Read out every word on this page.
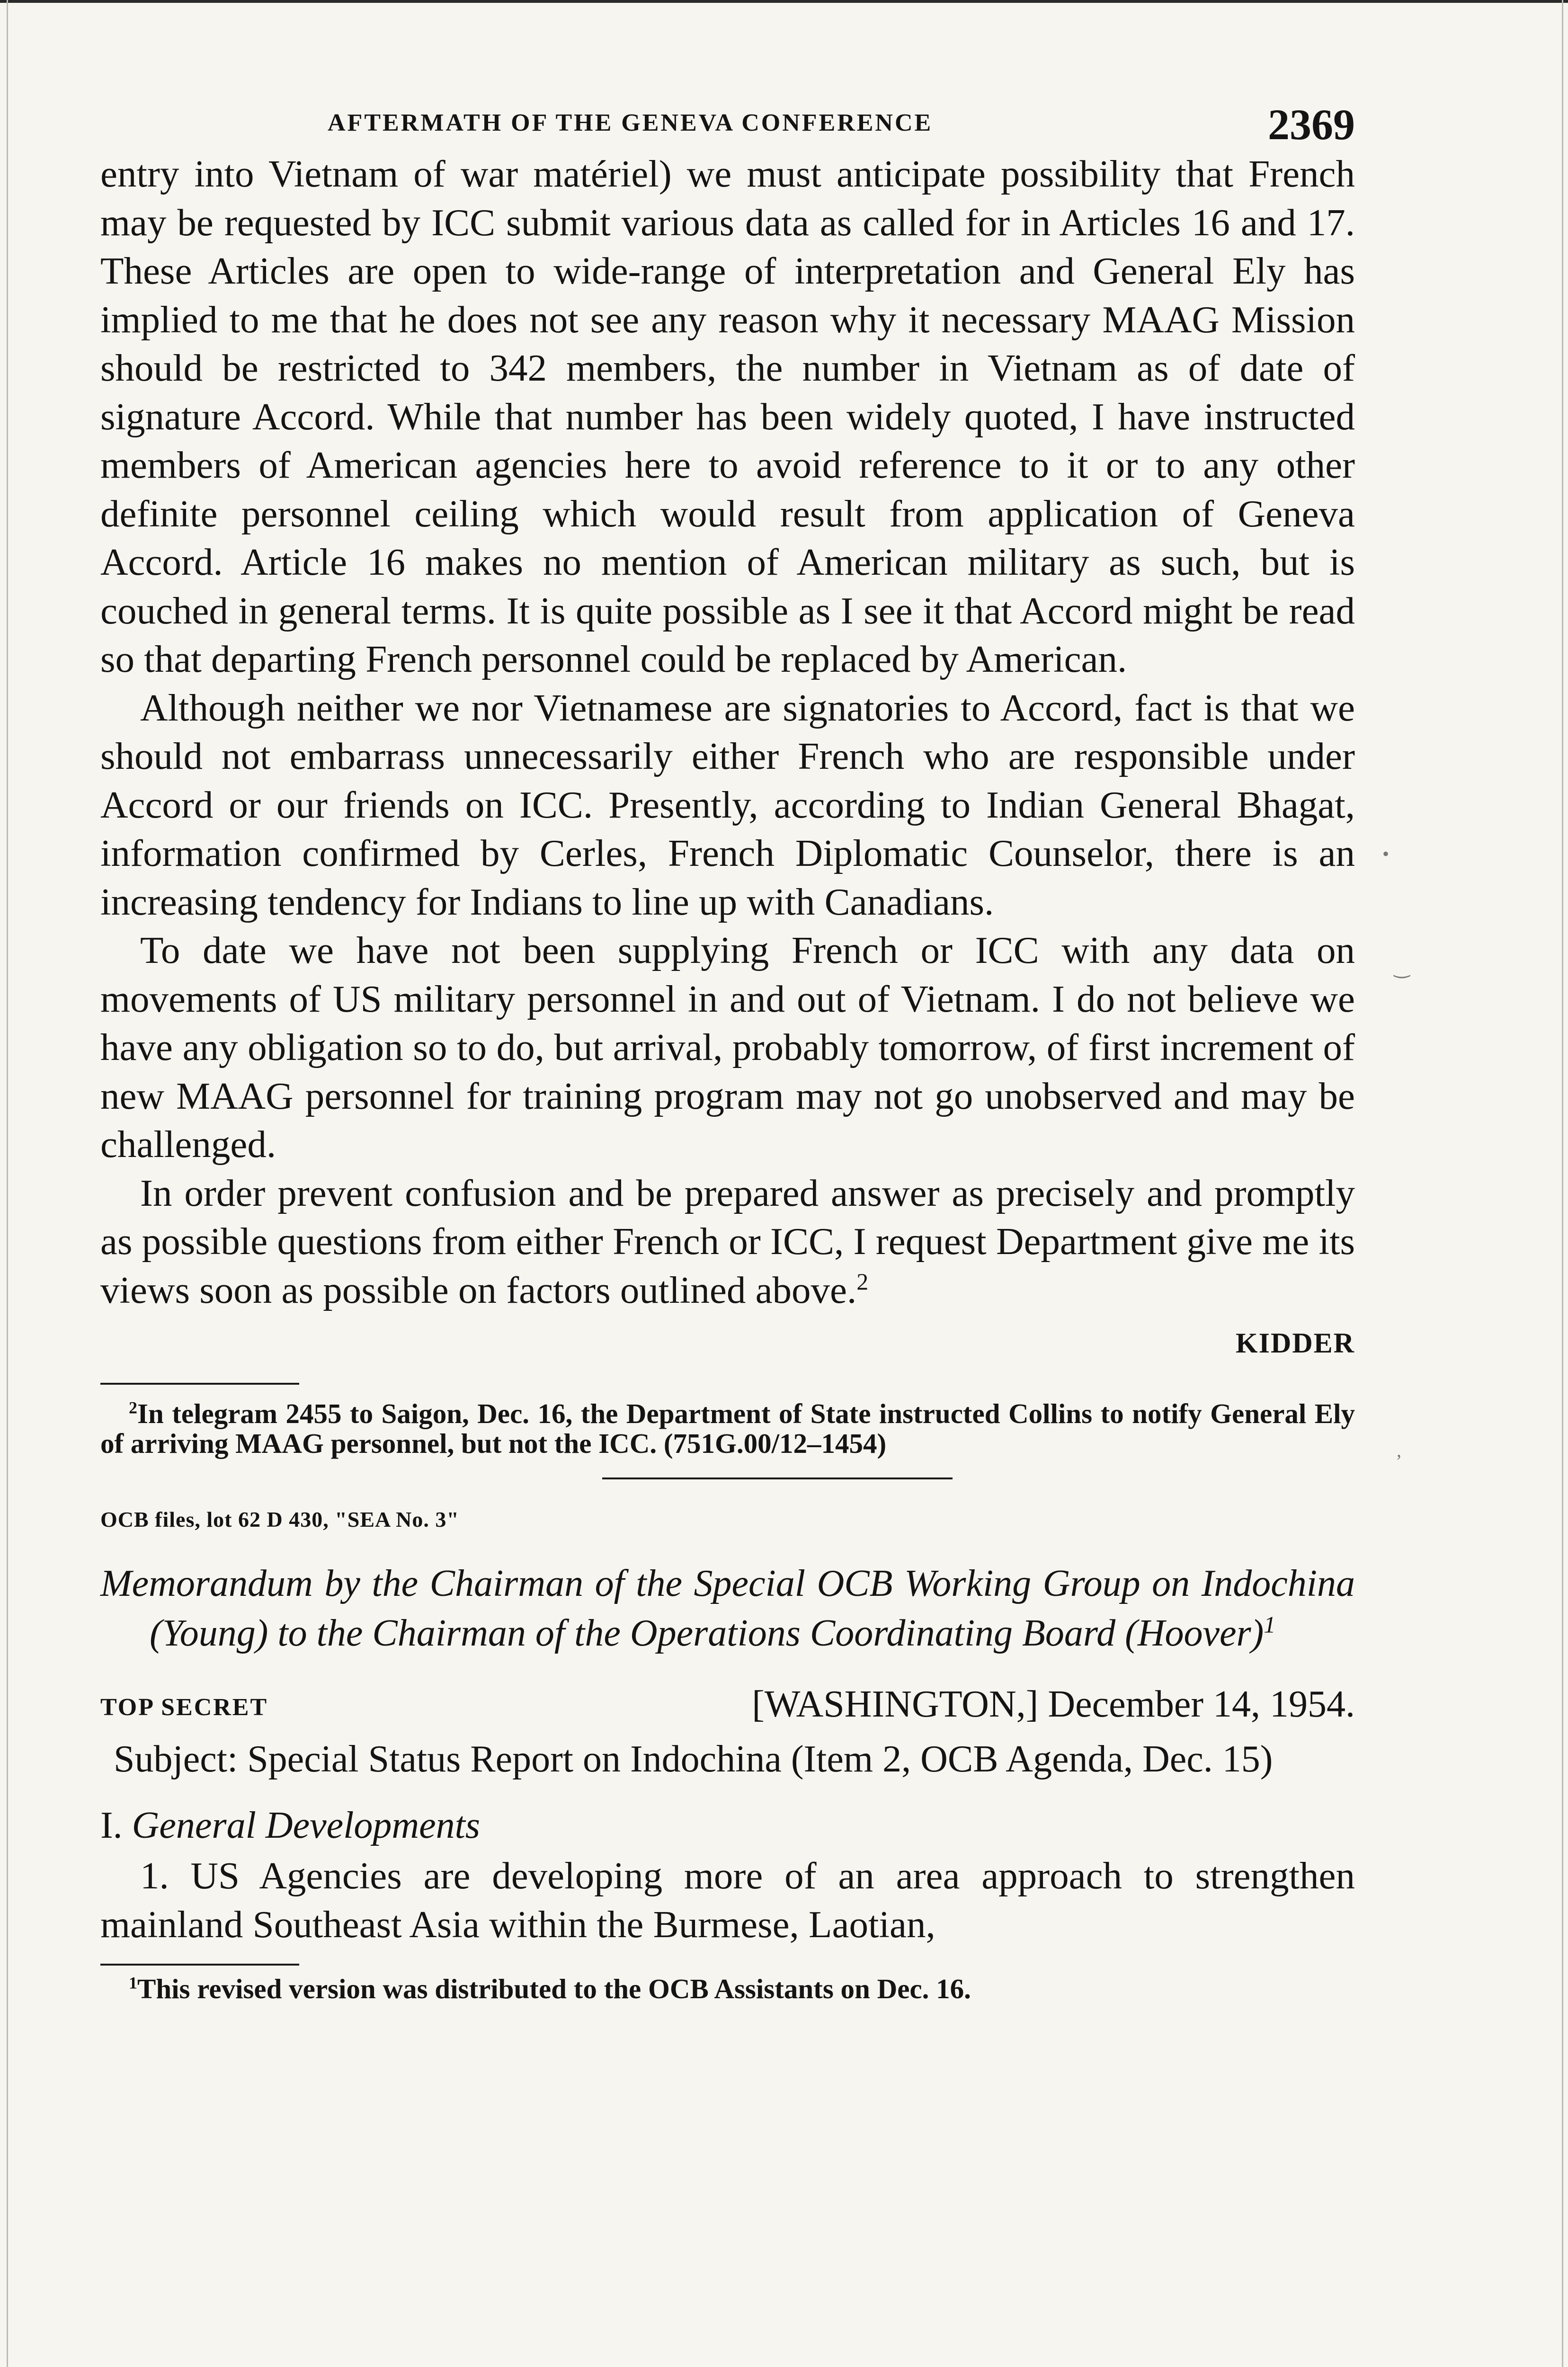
•
‿
,
AFTERMATH OF THE GENEVA CONFERENCE	2369

entry into Vietnam of war matériel) we must anticipate possibility that French may be requested by ICC submit various data as called for in Articles 16 and 17. These Articles are open to wide-range of interpretation and General Ely has implied to me that he does not see any reason why it necessary MAAG Mission should be restricted to 342 members, the number in Vietnam as of date of signature Accord. While that number has been widely quoted, I have instructed members of American agencies here to avoid reference to it or to any other definite personnel ceiling which would result from application of Geneva Accord. Article 16 makes no mention of American military as such, but is couched in general terms. It is quite possible as I see it that Accord might be read so that departing French personnel could be replaced by American.

Although neither we nor Vietnamese are signatories to Accord, fact is that we should not embarrass unnecessarily either French who are responsible under Accord or our friends on ICC. Presently, according to Indian General Bhagat, information confirmed by Cerles, French Diplomatic Counselor, there is an increasing tendency for Indians to line up with Canadians.

To date we have not been supplying French or ICC with any data on movements of US military personnel in and out of Vietnam. I do not believe we have any obligation so to do, but arrival, probably tomorrow, of first increment of new MAAG personnel for training program may not go unobserved and may be challenged.

In order prevent confusion and be prepared answer as precisely and promptly as possible questions from either French or ICC, I request Department give me its views soon as possible on factors outlined above.$^2$

KIDDER

$^2$In telegram 2455 to Saigon, Dec. 16, the Department of State instructed Collins to notify General Ely of arriving MAAG personnel, but not the ICC. (751G.00/12–1454)

OCB files, lot 62 D 430, "SEA No. 3"

Memorandum by the Chairman of the Special OCB Working Group on Indochina (Young) to the Chairman of the Operations Coordinating Board (Hoover)$^1$

TOP SECRET	[WASHINGTON,] December 14, 1954.

Subject: Special Status Report on Indochina (Item 2, OCB Agenda, Dec. 15)

I. General Developments

1. US Agencies are developing more of an area approach to strengthen mainland Southeast Asia within the Burmese, Laotian,

$^1$This revised version was distributed to the OCB Assistants on Dec. 16.
